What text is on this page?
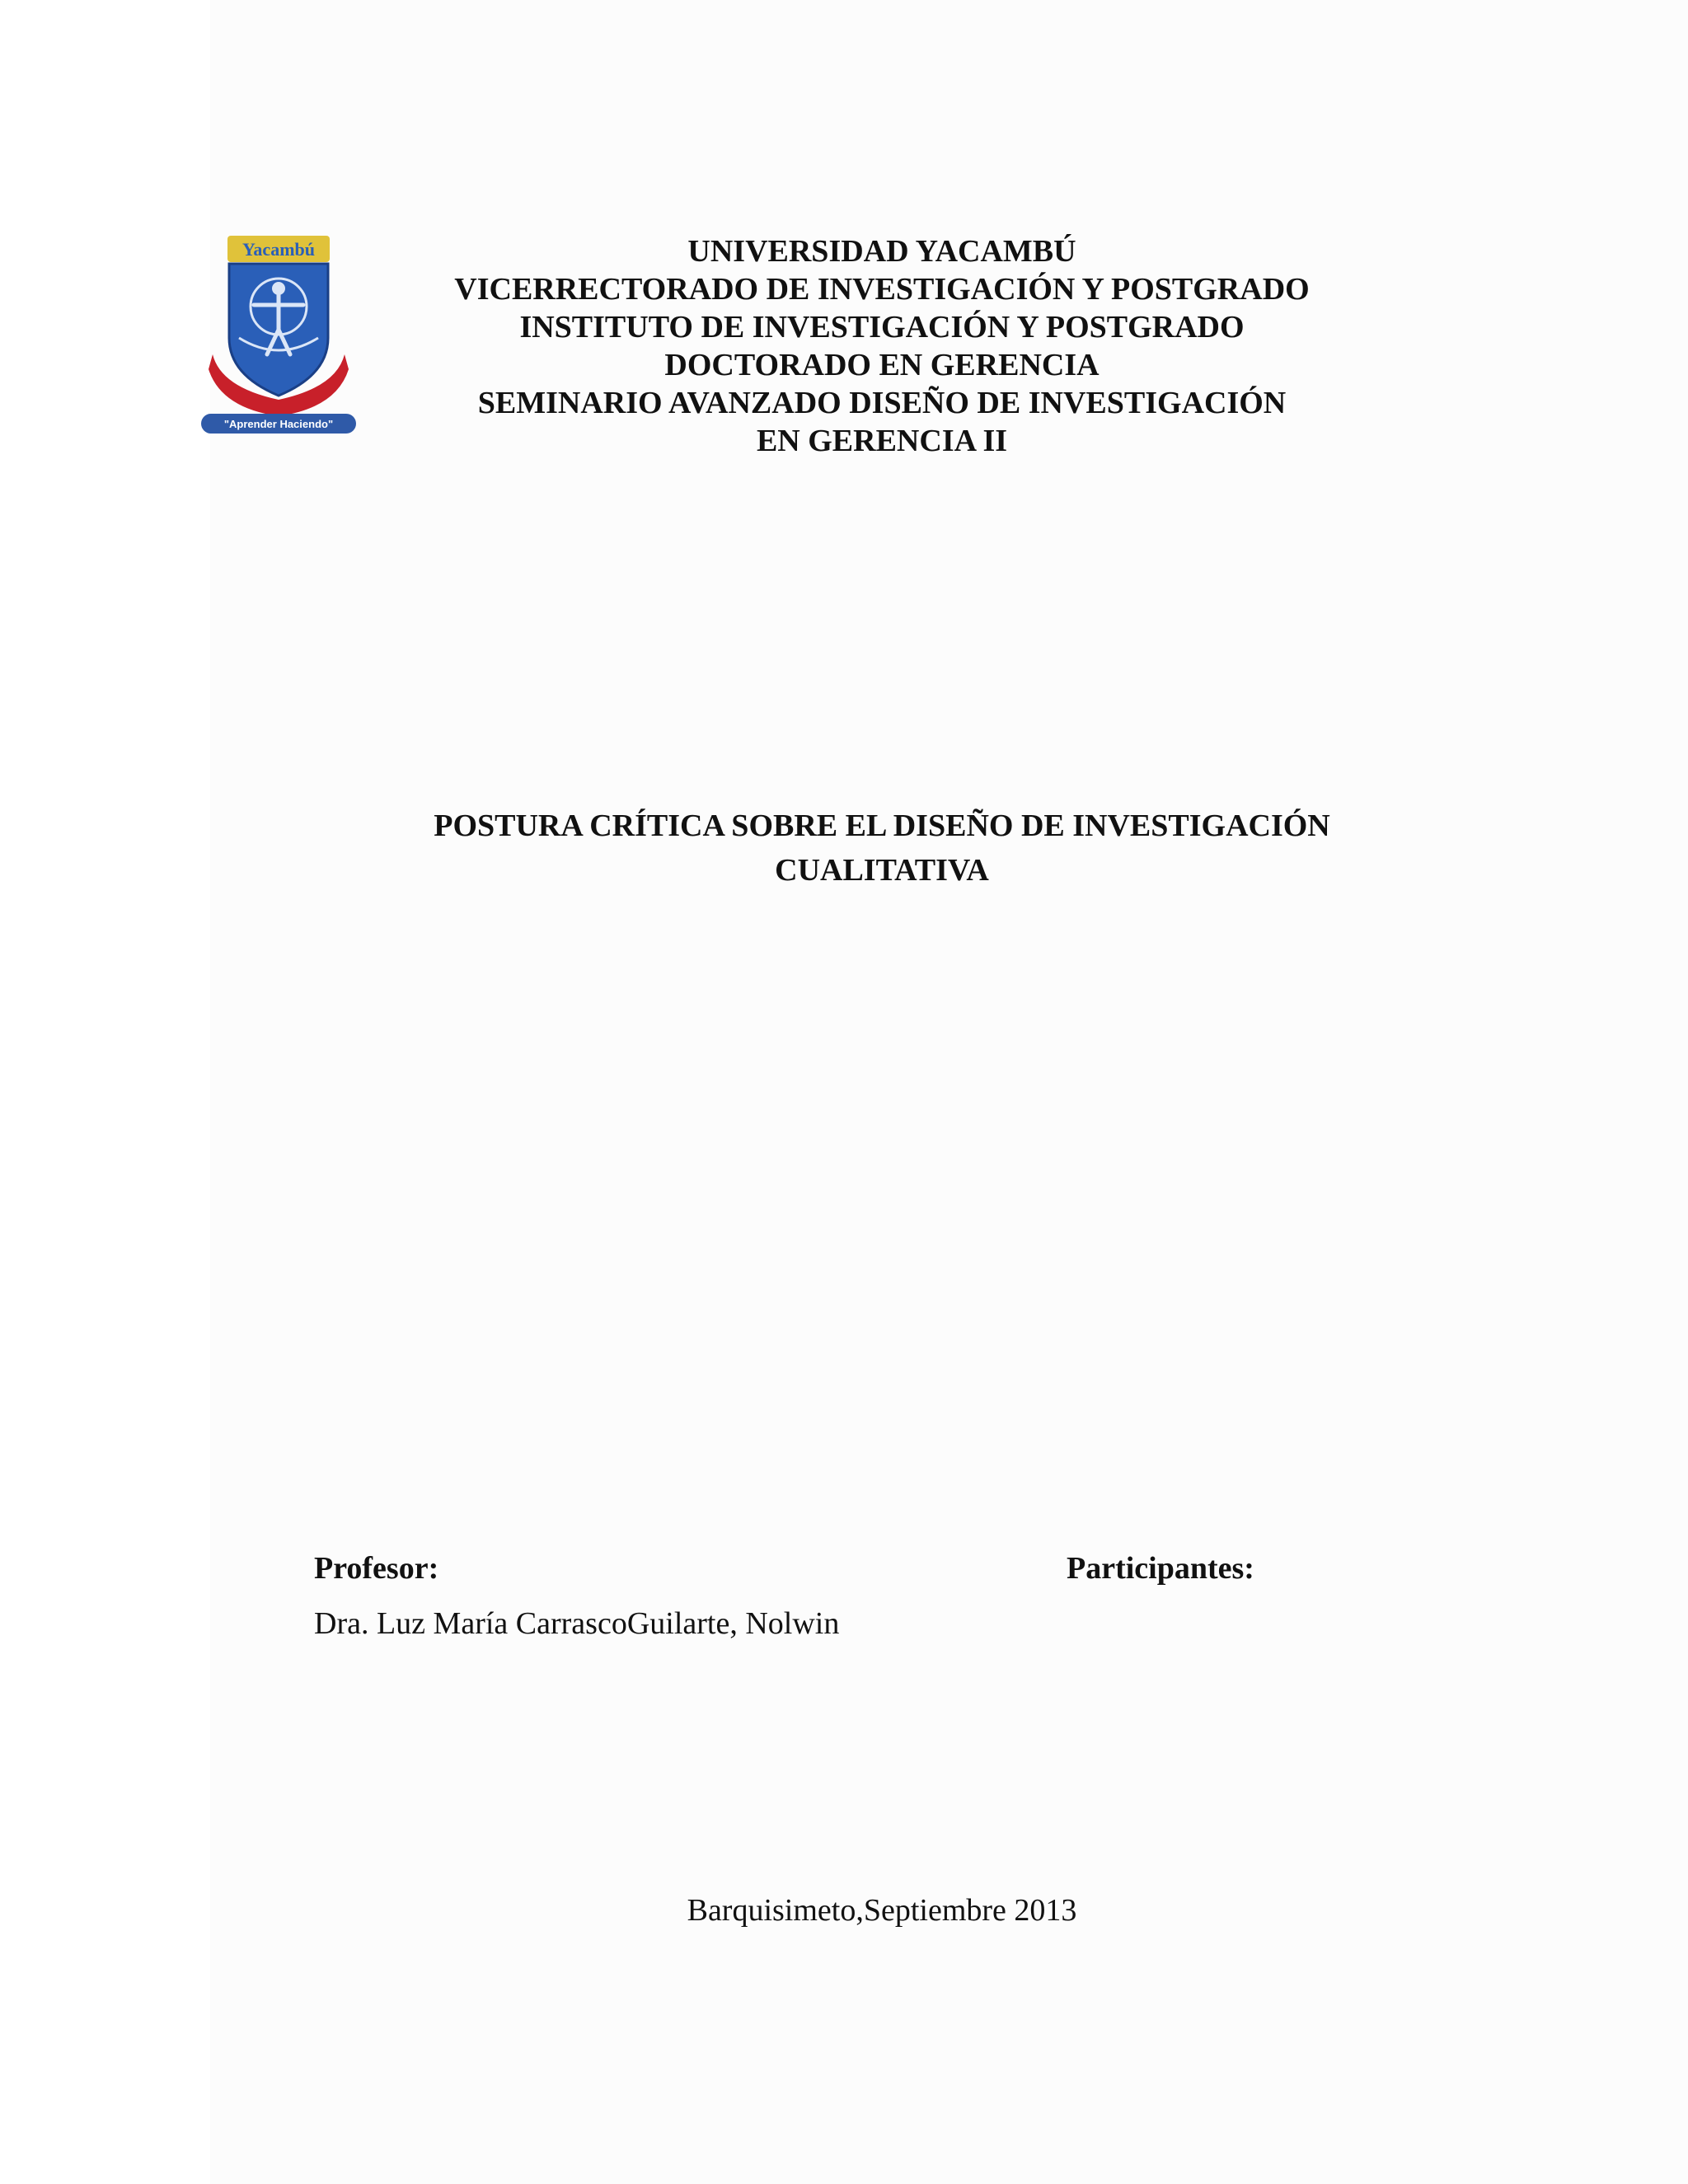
Yacambú
"Aprender Haciendo"
UNIVERSIDAD YACAMBÚ
VICERRECTORADO DE INVESTIGACIÓN Y POSTGRADO
INSTITUTO DE INVESTIGACIÓN Y POSTGRADO
DOCTORADO EN GERENCIA
SEMINARIO AVANZADO DISEÑO DE INVESTIGACIÓN
EN GERENCIA II
POSTURA CRÍTICA SOBRE EL DISEÑO DE INVESTIGACIÓN
CUALITATIVA
Profesor:	Participantes:
Dra. Luz María CarrascoGuilarte, Nolwin
Barquisimeto,Septiembre 2013
